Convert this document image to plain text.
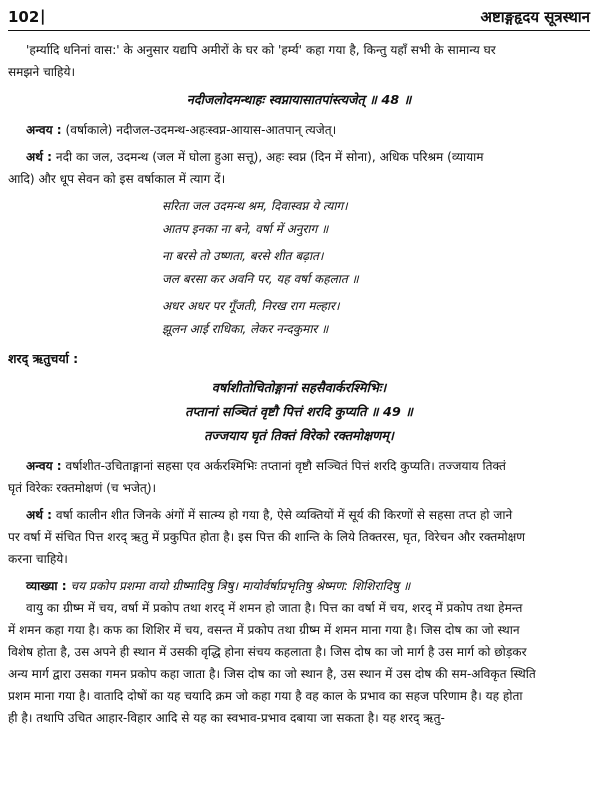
102 |	अष्टाङ्गहृदय सूत्रस्थान

'हर्म्यादि धनिनां वास:' के अनुसार यद्यपि अमीरों के घर को 'हर्म्य' कहा गया है, किन्तु यहाँ सभी के सामान्य घर

समझने चाहिये।

नदीजलोदमन्थाहः स्वप्नायासातपांस्त्यजेत् ॥ 48 ॥

अन्वय : (वर्षाकाले) नदीजल-उदमन्थ-अहःस्वप्न-आयास-आतपान् त्यजेत्।

अर्थ : नदी का जल, उदमन्थ (जल में घोला हुआ सत्तू), अहः स्वप्न (दिन में सोना), अधिक परिश्रम (व्यायाम

आदि) और धूप सेवन को इस वर्षाकाल में त्याग दें।

सरिता जल उदमन्थ श्रम, दिवास्वप्न ये त्याग।

आतप इनका ना बने, वर्षा में अनुराग ॥

ना बरसे तो उष्णता, बरसे शीत बढ़ात।

जल बरसा कर अवनि पर, यह वर्षा कहलात ॥

अधर अधर पर गूँजती, निरख राग मल्हार।

झूलन आई राधिका, लेकर नन्दकुमार ॥

शरद् ऋतुचर्या :

वर्षाशीतोचितोङ्गानां सहसैवार्करश्मिभिः।

तप्तानां सञ्चितं वृष्टौ पित्तं शरदि कुप्यति ॥ 49 ॥

तज्जयाय घृतं तिक्तं विरेको रक्तमोक्षणम्।

अन्वय : वर्षाशीत-उचिताङ्गानां सहसा एव अर्करश्मिभिः तप्तानां वृष्टौ सञ्चितं पित्तं शरदि कुप्यति। तज्जयाय तिक्तं

घृतं विरेकः रक्तमोक्षणं (च भजेत्)।

अर्थ : वर्षा कालीन शीत जिनके अंगों में सात्म्य हो गया है, ऐसे व्यक्तियों में सूर्य की किरणों से सहसा तप्त हो जाने

पर वर्षा में संचित पित्त शरद् ऋतु में प्रकुपित होता है। इस पित्त की शान्ति के लिये तिक्तरस, घृत, विरेचन और रक्तमोक्षण

करना चाहिये।

व्याख्या : चय प्रकोप प्रशमा वायो ग्रीष्मादिषु त्रिषु। मायोर्वर्षाप्रभृतिषु श्रेष्मण: शिशिरादिषु ॥

वायु का ग्रीष्म में चय, वर्षा में प्रकोप तथा शरद् में शमन हो जाता है। पित्त का वर्षा में चय, शरद् में प्रकोप तथा हेमन्त

में शमन कहा गया है। कफ का शिशिर में चय, वसन्त में प्रकोप तथा ग्रीष्म में शमन माना गया है। जिस दोष का जो स्थान

विशेष होता है, उस अपने ही स्थान में उसकी वृद्धि होना संचय कहलाता है। जिस दोष का जो मार्ग है उस मार्ग को छोड़कर

अन्य मार्ग द्वारा उसका गमन प्रकोप कहा जाता है। जिस दोष का जो स्थान है, उस स्थान में उस दोष की सम-अविकृत स्थिति

प्रशम माना गया है। वातादि दोषों का यह चयादि क्रम जो कहा गया है वह काल के प्रभाव का सहज परिणाम है। यह होता

ही है। तथापि उचित आहार-विहार आदि से यह का स्वभाव-प्रभाव दबाया जा सकता है। यह शरद् ऋतु-
